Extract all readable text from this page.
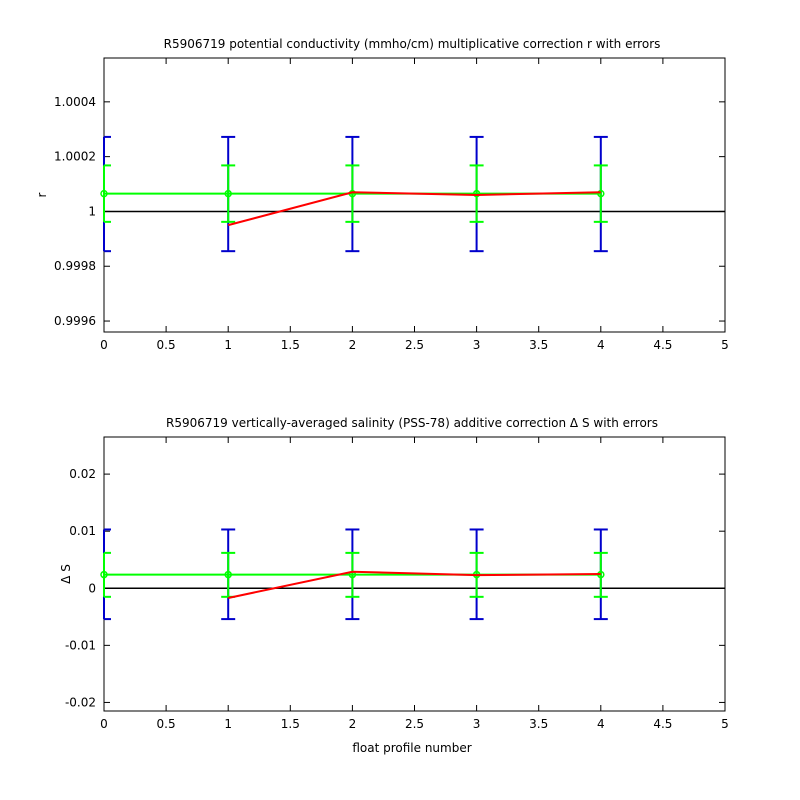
R5906719 potential conductivity (mmho/cm) multiplicative correction r with errors
r
0	0.5	1	1.5	2	2.5	3	3.5	4	4.5	5
0.9996
0.9998
1
1.0002
1.0004
R5906719 vertically-averaged salinity (PSS-78) additive correction Δ S with errors
Δ S
float profile number
0	0.5	1	1.5	2	2.5	3	3.5	4	4.5	5
-0.02
-0.01
0
0.01
0.02
